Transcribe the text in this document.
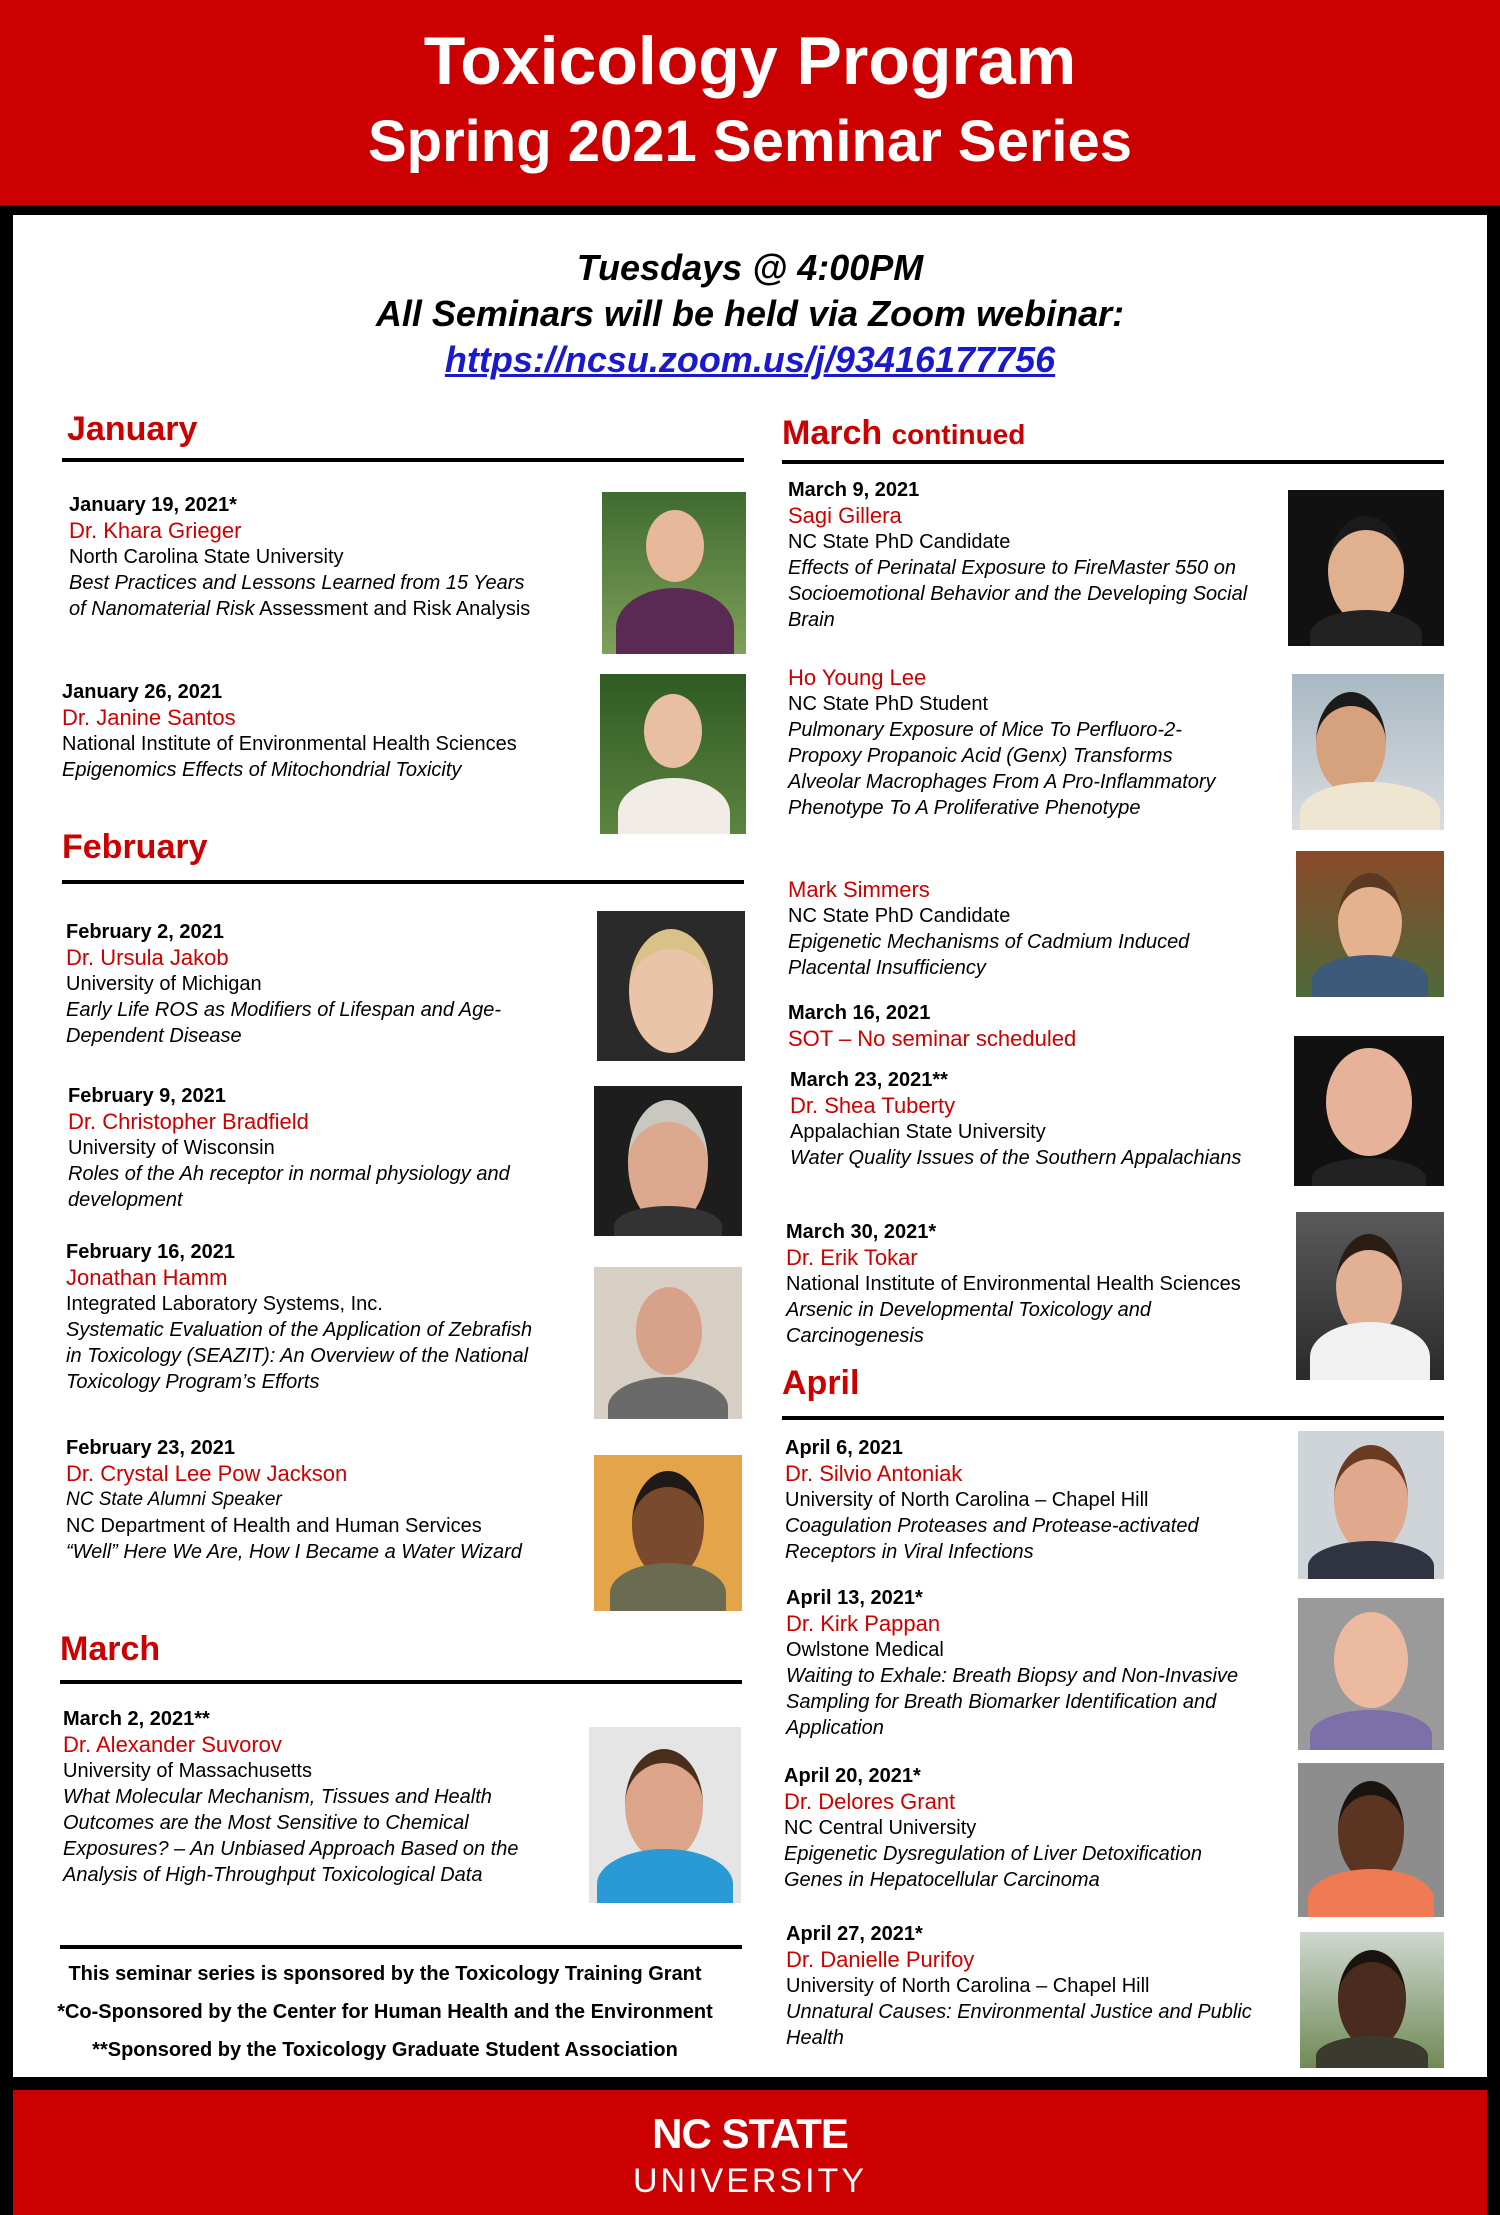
Toxicology Program
Spring 2021 Seminar Series
Tuesdays @ 4:00PM
All Seminars will be held via Zoom webinar:
https://ncsu.zoom.us/j/93416177756
January
January 19, 2021*
Dr. Khara Grieger
North Carolina State University
Best Practices and Lessons Learned from 15 Years of Nanomaterial Risk Assessment and Risk Analysis
January 26, 2021
Dr. Janine Santos
National Institute of Environmental Health Sciences
Epigenomics Effects of Mitochondrial Toxicity
February
February 2, 2021
Dr. Ursula Jakob
University of Michigan
Early Life ROS as Modifiers of Lifespan and Age-Dependent Disease
February 9, 2021
Dr. Christopher Bradfield
University of Wisconsin
Roles of the Ah receptor in normal physiology and development
February 16, 2021
Jonathan Hamm
Integrated Laboratory Systems, Inc.
Systematic Evaluation of the Application of Zebrafish in Toxicology (SEAZIT): An Overview of the National Toxicology Program’s Efforts
February 23, 2021
Dr. Crystal Lee Pow Jackson
NC State Alumni Speaker
NC Department of Health and Human Services
“Well” Here We Are, How I Became a Water Wizard
March
March 2, 2021**
Dr. Alexander Suvorov
University of Massachusetts
What Molecular Mechanism, Tissues and Health Outcomes are the Most Sensitive to Chemical Exposures? – An Unbiased Approach Based on the Analysis of High-Throughput Toxicological Data
This seminar series is sponsored by the Toxicology Training Grant
*Co-Sponsored by the Center for Human Health and the Environment
**Sponsored by the Toxicology Graduate Student Association
March continued
March 9, 2021
Sagi Gillera
NC State PhD Candidate
Effects of Perinatal Exposure to FireMaster 550 on Socioemotional Behavior and the Developing Social Brain
Ho Young Lee
NC State PhD Student
Pulmonary Exposure of Mice To Perfluoro-2-Propoxy Propanoic Acid (Genx) Transforms Alveolar Macrophages From A Pro-Inflammatory Phenotype To A Proliferative Phenotype
Mark Simmers
NC State PhD Candidate
Epigenetic Mechanisms of Cadmium Induced Placental Insufficiency
March 16, 2021
SOT – No seminar scheduled
March 23, 2021**
Dr. Shea Tuberty
Appalachian State University
Water Quality Issues of the Southern Appalachians
March 30, 2021*
Dr. Erik Tokar
National Institute of Environmental Health Sciences
Arsenic in Developmental Toxicology and Carcinogenesis
April
April 6, 2021
Dr. Silvio Antoniak
University of North Carolina – Chapel Hill
Coagulation Proteases and Protease-activated Receptors in Viral Infections
April 13, 2021*
Dr. Kirk Pappan
Owlstone Medical
Waiting to Exhale: Breath Biopsy and Non-Invasive Sampling for Breath Biomarker Identification and Application
April 20, 2021*
Dr. Delores Grant
NC Central University
Epigenetic Dysregulation of Liver Detoxification Genes in Hepatocellular Carcinoma
April 27, 2021*
Dr. Danielle Purifoy
University of North Carolina – Chapel Hill
Unnatural Causes: Environmental Justice and Public Health
NC STATE
UNIVERSITY
